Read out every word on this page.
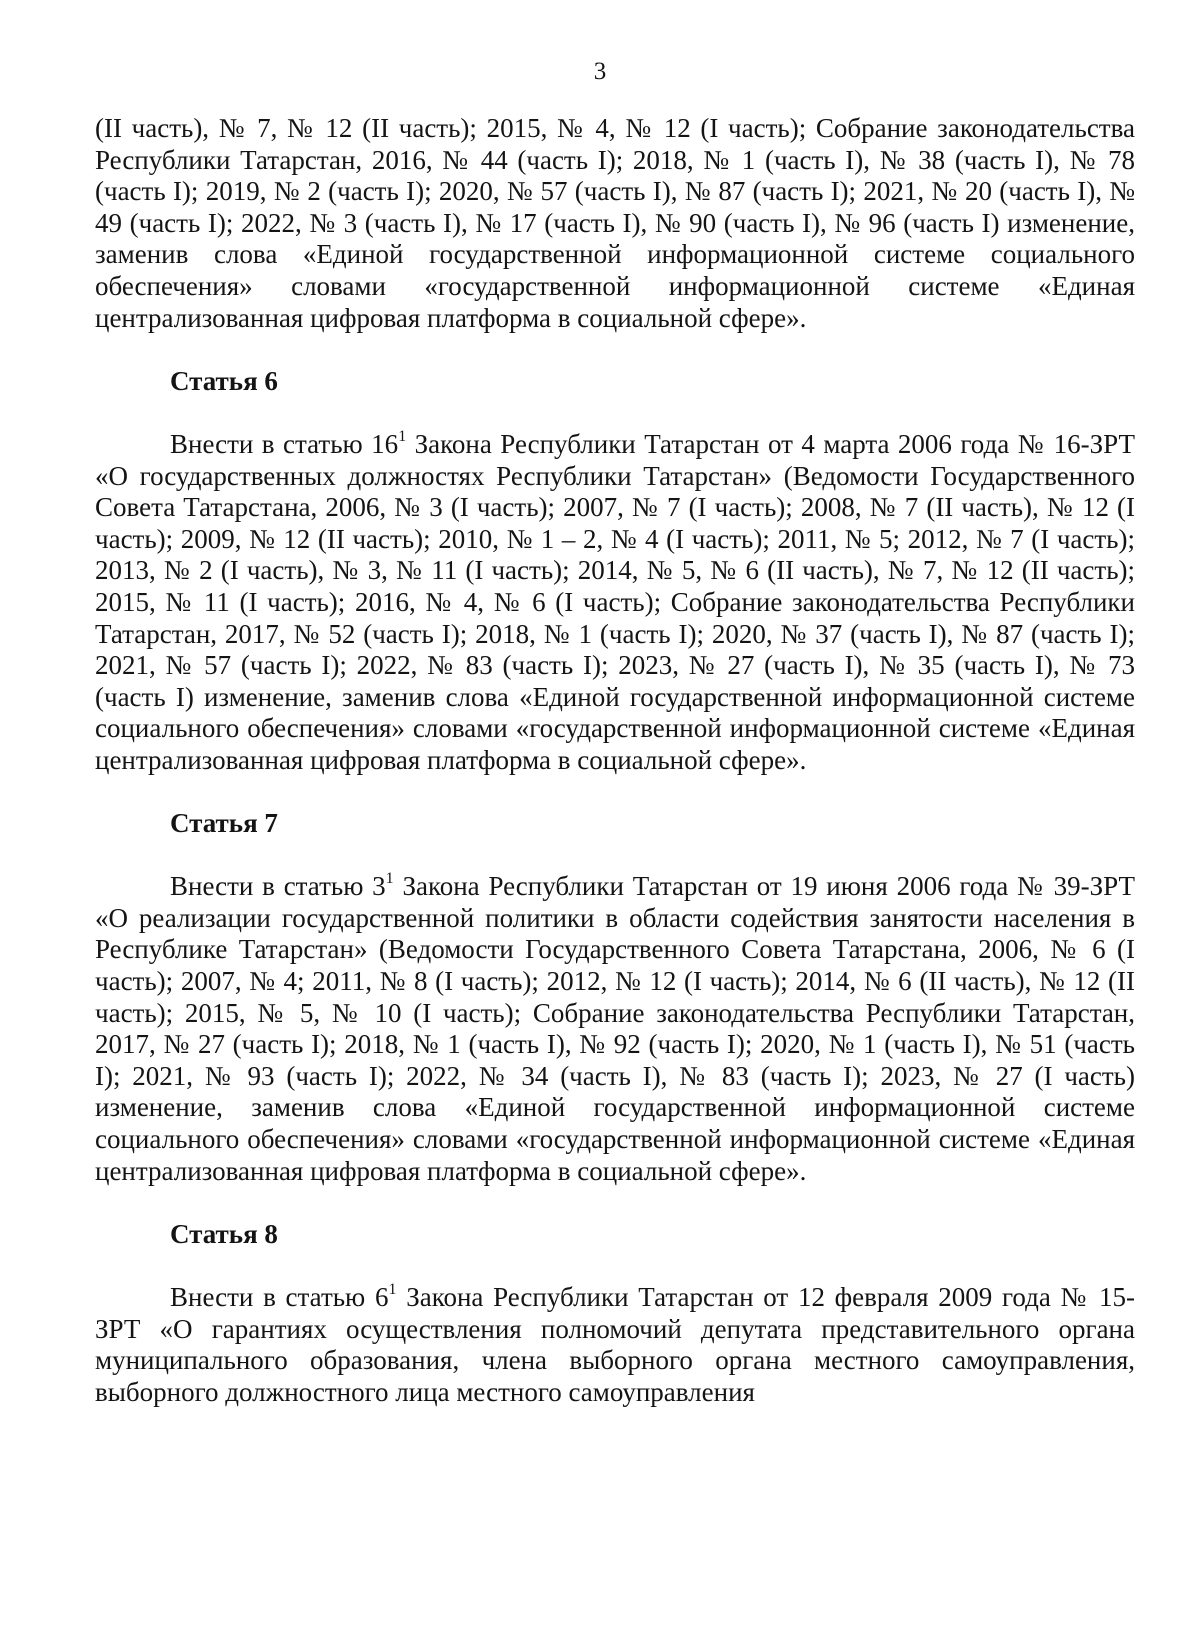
3

(II часть), № 7, № 12 (II часть); 2015, № 4, № 12 (I часть); Собрание законодательства Республики Татарстан, 2016, № 44 (часть I); 2018, № 1 (часть I), № 38 (часть I), № 78 (часть I); 2019, № 2 (часть I); 2020, № 57 (часть I), № 87 (часть I); 2021, № 20 (часть I), № 49 (часть I); 2022, № 3 (часть I), № 17 (часть I), № 90 (часть I), № 96 (часть I) изменение, заменив слова «Единой государственной информационной системе социального обеспечения» словами «государственной информационной системе «Единая централизованная цифровая платформа в социальной сфере».

Статья 6

Внести в статью $16^1$ Закона Республики Татарстан от 4 марта 2006 года № 16-ЗРТ «О государственных должностях Республики Татарстан» (Ведомости Государственного Совета Татарстана, 2006, № 3 (I часть); 2007, № 7 (I часть); 2008, № 7 (II часть), № 12 (I часть); 2009, № 12 (II часть); 2010, № 1 – 2, № 4 (I часть); 2011, № 5; 2012, № 7 (I часть); 2013, № 2 (I часть), № 3, № 11 (I часть); 2014, № 5, № 6 (II часть), № 7, № 12 (II часть); 2015, № 11 (I часть); 2016, № 4, № 6 (I часть); Собрание законодательства Республики Татарстан, 2017, № 52 (часть I); 2018, № 1 (часть I); 2020, № 37 (часть I), № 87 (часть I); 2021, № 57 (часть I); 2022, № 83 (часть I); 2023, № 27 (часть I), № 35 (часть I), № 73 (часть I) изменение, заменив слова «Единой государственной информационной системе социального обеспечения» словами «государственной информационной системе «Единая централизованная цифровая платформа в социальной сфере».

Статья 7

Внести в статью $3^1$ Закона Республики Татарстан от 19 июня 2006 года № 39-ЗРТ «О реализации государственной политики в области содействия занятости населения в Республике Татарстан» (Ведомости Государственного Совета Татарстана, 2006, № 6 (I часть); 2007, № 4; 2011, № 8 (I часть); 2012, № 12 (I часть); 2014, № 6 (II часть), № 12 (II часть); 2015, № 5, № 10 (I часть); Собрание законодательства Республики Татарстан, 2017, № 27 (часть I); 2018, № 1 (часть I), № 92 (часть I); 2020, № 1 (часть I), № 51 (часть I); 2021, № 93 (часть I); 2022, № 34 (часть I), № 83 (часть I); 2023, № 27 (I часть) изменение, заменив слова «Единой государственной информационной системе социального обеспечения» словами «государственной информационной системе «Единая централизованная цифровая платформа в социальной сфере».

Статья 8

Внести в статью $6^1$ Закона Республики Татарстан от 12 февраля 2009 года № 15-ЗРТ «О гарантиях осуществления полномочий депутата представительного органа муниципального образования, члена выборного органа местного самоуправления, выборного должностного лица местного самоуправления
